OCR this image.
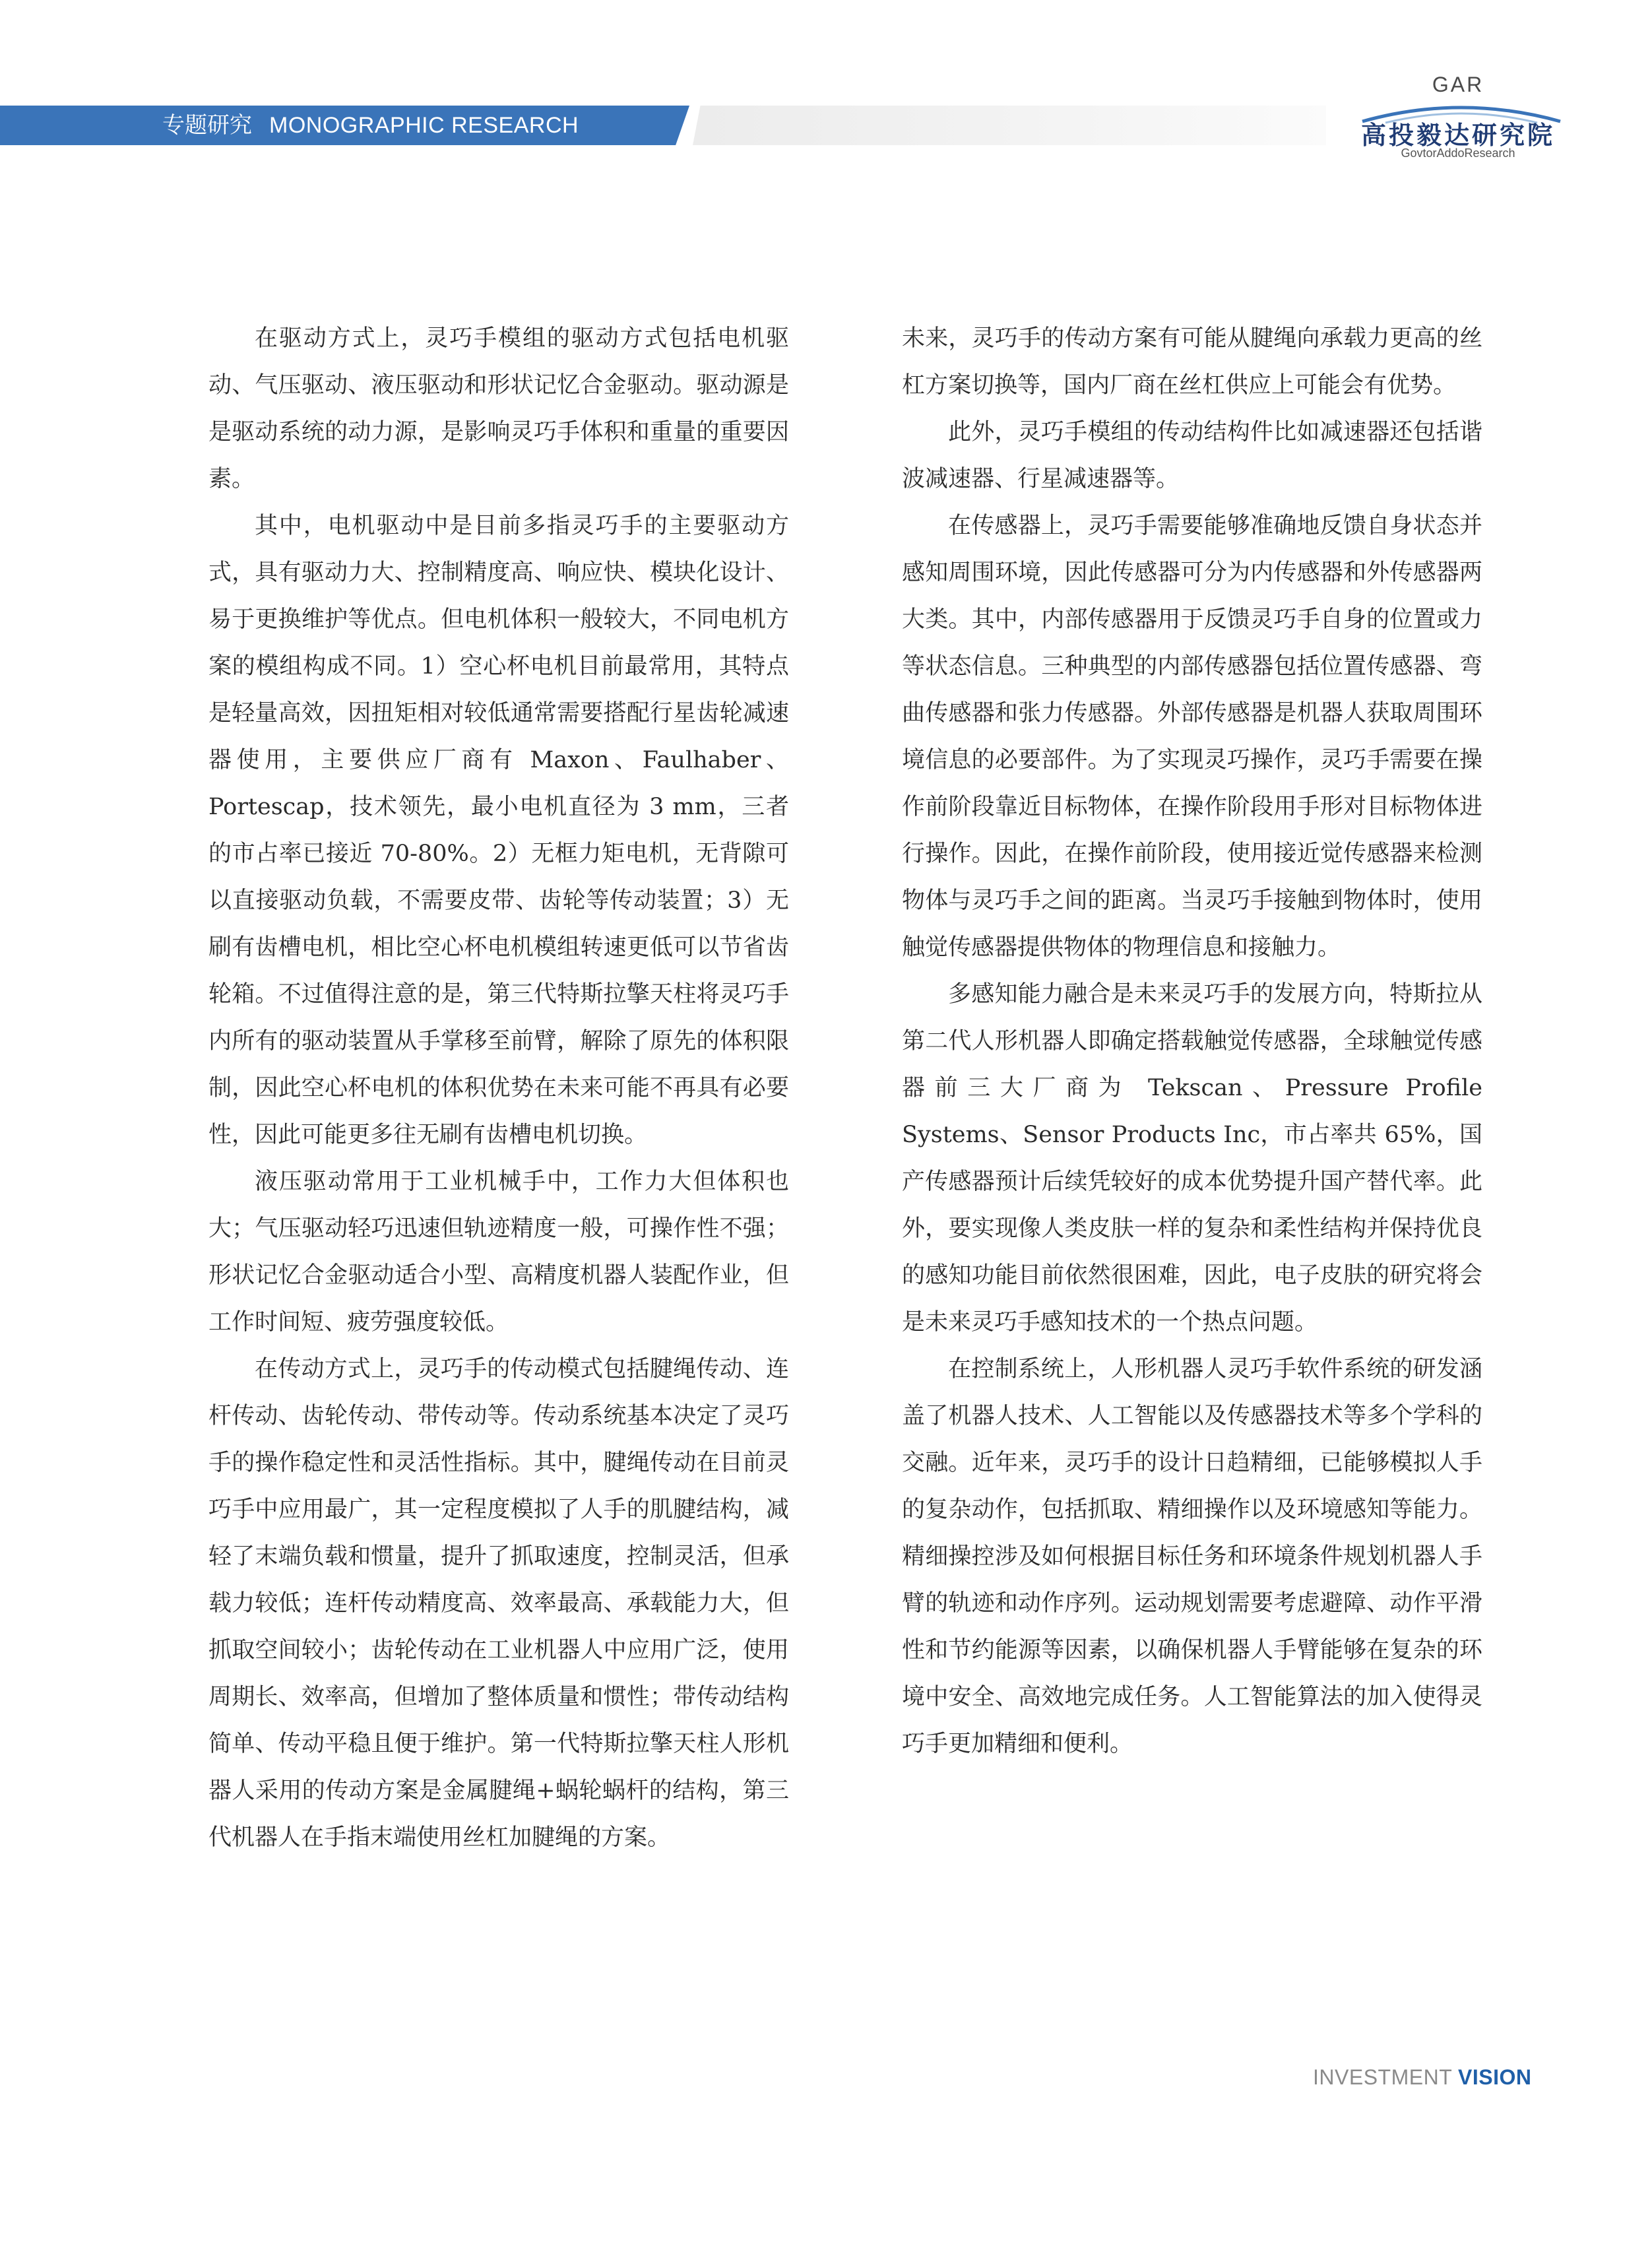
专题研究 MONOGRAPHIC RESEARCH
GAR
高投毅达研究院
GovtorAddoResearch

在驱动方式上，灵巧手模组的驱动方式包括电机驱动、气压驱动、液压驱动和形状记忆合金驱动。驱动源是是驱动系统的动力源，是影响灵巧手体积和重量的重要因素。

其中，电机驱动中是目前多指灵巧手的主要驱动方式，具有驱动力大、控制精度高、响应快、模块化设计、易于更换维护等优点。但电机体积一般较大，不同电机方案的模组构成不同。1）空心杯电机目前最常用，其特点是轻量高效，因扭矩相对较低通常需要搭配行星齿轮减速器使用，主要供应厂商有 Maxon、Faulhaber、Portescap，技术领先，最小电机直径为 3 mm，三者的市占率已接近 70-80%。2）无框力矩电机，无背隙可以直接驱动负载，不需要皮带、齿轮等传动装置；3）无刷有齿槽电机，相比空心杯电机模组转速更低可以节省齿轮箱。不过值得注意的是，第三代特斯拉擎天柱将灵巧手内所有的驱动装置从手掌移至前臂，解除了原先的体积限制，因此空心杯电机的体积优势在未来可能不再具有必要性，因此可能更多往无刷有齿槽电机切换。

液压驱动常用于工业机械手中，工作力大但体积也大；气压驱动轻巧迅速但轨迹精度一般，可操作性不强；形状记忆合金驱动适合小型、高精度机器人装配作业，但工作时间短、疲劳强度较低。

在传动方式上，灵巧手的传动模式包括腱绳传动、连杆传动、齿轮传动、带传动等。传动系统基本决定了灵巧手的操作稳定性和灵活性指标。其中，腱绳传动在目前灵巧手中应用最广，其一定程度模拟了人手的肌腱结构，减轻了末端负载和惯量，提升了抓取速度，控制灵活，但承载力较低；连杆传动精度高、效率最高、承载能力大，但抓取空间较小；齿轮传动在工业机器人中应用广泛，使用周期长、效率高，但增加了整体质量和惯性；带传动结构简单、传动平稳且便于维护。第一代特斯拉擎天柱人形机器人采用的传动方案是金属腱绳+蜗轮蜗杆的结构，第三代机器人在手指末端使用丝杠加腱绳的方案。

未来，灵巧手的传动方案有可能从腱绳向承载力更高的丝杠方案切换等，国内厂商在丝杠供应上可能会有优势。

此外，灵巧手模组的传动结构件比如减速器还包括谐波减速器、行星减速器等。

在传感器上，灵巧手需要能够准确地反馈自身状态并感知周围环境，因此传感器可分为内传感器和外传感器两大类。其中，内部传感器用于反馈灵巧手自身的位置或力等状态信息。三种典型的内部传感器包括位置传感器、弯曲传感器和张力传感器。外部传感器是机器人获取周围环境信息的必要部件。为了实现灵巧操作，灵巧手需要在操作前阶段靠近目标物体，在操作阶段用手形对目标物体进行操作。因此，在操作前阶段，使用接近觉传感器来检测物体与灵巧手之间的距离。当灵巧手接触到物体时，使用触觉传感器提供物体的物理信息和接触力。

多感知能力融合是未来灵巧手的发展方向，特斯拉从第二代人形机器人即确定搭载触觉传感器，全球触觉传感器前三大厂商为 Tekscan、Pressure Profile Systems、Sensor Products Inc，市占率共 65%，国产传感器预计后续凭较好的成本优势提升国产替代率。此外，要实现像人类皮肤一样的复杂和柔性结构并保持优良的感知功能目前依然很困难，因此，电子皮肤的研究将会是未来灵巧手感知技术的一个热点问题。

在控制系统上，人形机器人灵巧手软件系统的研发涵盖了机器人技术、人工智能以及传感器技术等多个学科的交融。近年来，灵巧手的设计日趋精细，已能够模拟人手的复杂动作，包括抓取、精细操作以及环境感知等能力。精细操控涉及如何根据目标任务和环境条件规划机器人手臂的轨迹和动作序列。运动规划需要考虑避障、动作平滑性和节约能源等因素，以确保机器人手臂能够在复杂的环境中安全、高效地完成任务。人工智能算法的加入使得灵巧手更加精细和便利。

INVESTMENT VISION
